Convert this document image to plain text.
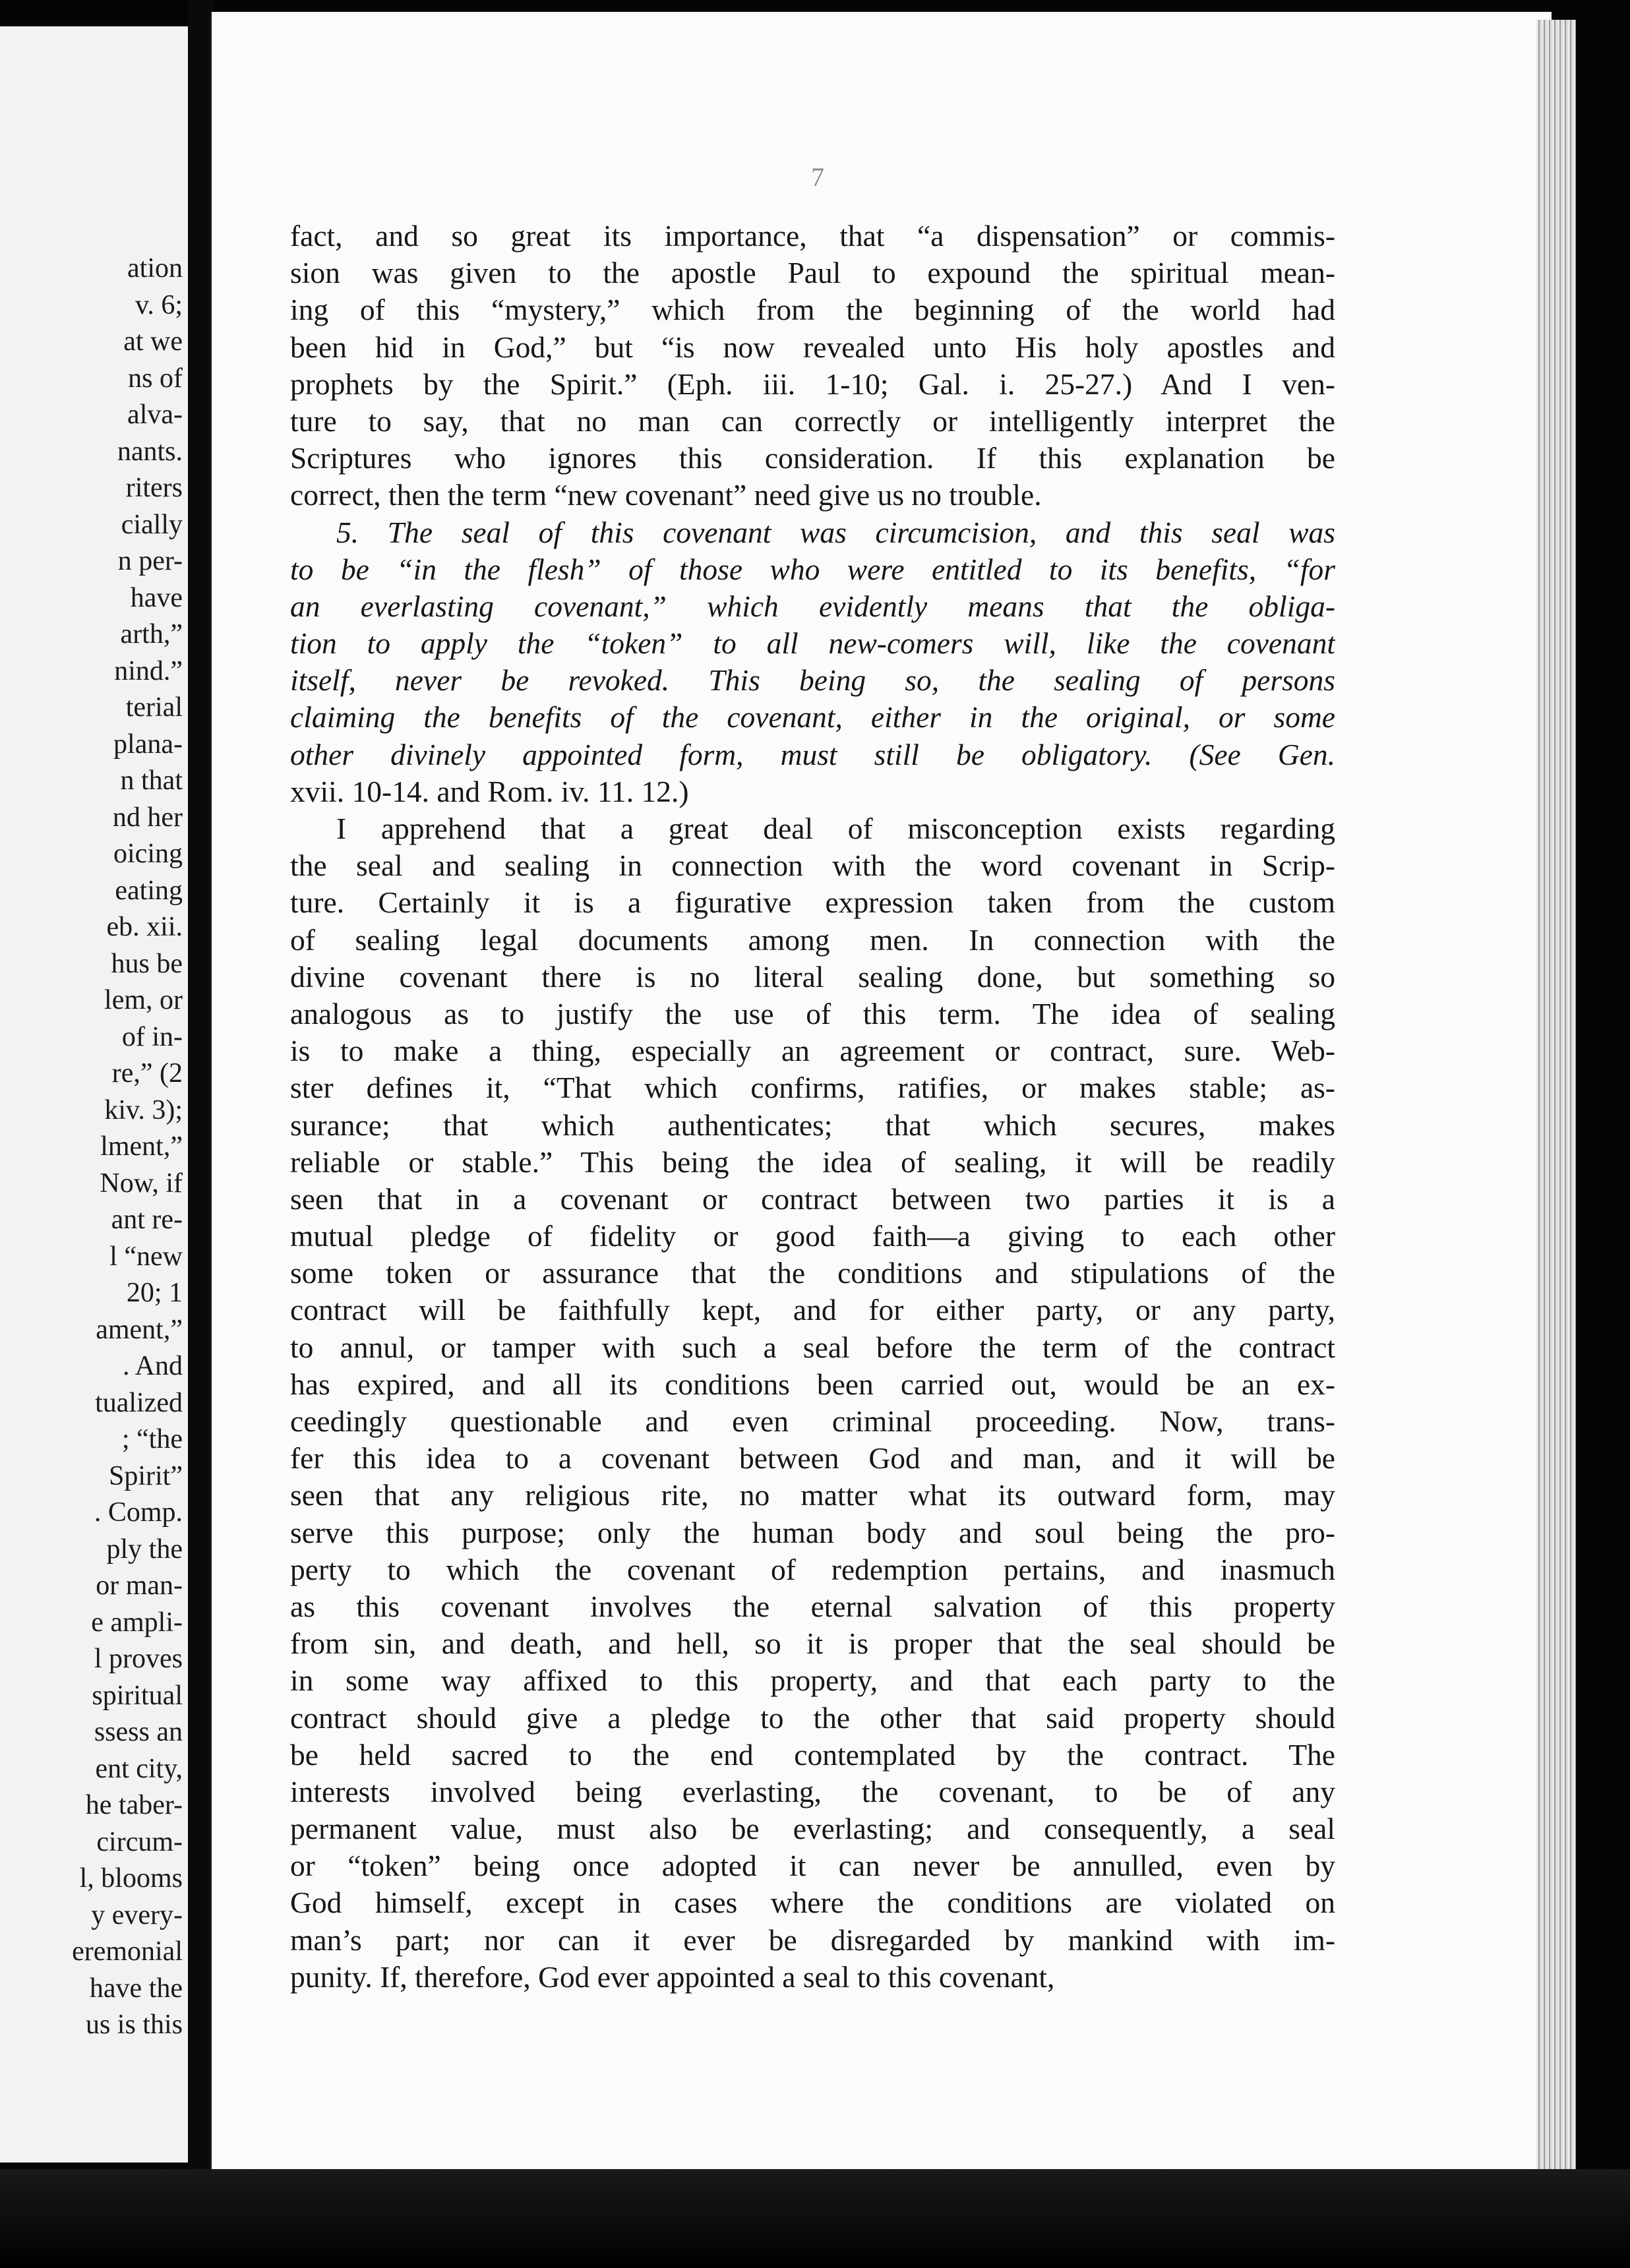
ation
v. 6;
at we
ns of
alva-
nants.
riters
cially
n per-
have
arth,”
nind.”
terial
plana-
n that
nd her
oicing
eating
eb. xii.
hus be
lem, or
of in-
re,” (2
kiv. 3);
lment,”
Now, if
ant re-
l “new
20; 1
ament,”
. And
tualized
; “the
Spirit”
. Comp.
ply the
or man-
e ampli-
l proves
spiritual
ssess an
ent city,
he taber-
circum-
l, blooms
y every-
eremonial
have the
us is this
7
fact, and so great its importance, that “a dispensation” or commis-
sion was given to the apostle Paul to expound the spiritual mean-
ing of this “mystery,” which from the beginning of the world had
been hid in God,” but “is now revealed unto His holy apostles and
prophets by the Spirit.” (Eph. iii. 1-10; Gal. i. 25-27.) And I ven-
ture to say, that no man can correctly or intelligently interpret the
Scriptures who ignores this consideration. If this explanation be
correct, then the term “new covenant” need give us no trouble.
5. The seal of this covenant was circumcision, and this seal was
to be “in the flesh” of those who were entitled to its benefits, “for
an everlasting covenant,” which evidently means that the obliga-
tion to apply the “token” to all new-comers will, like the covenant
itself, never be revoked. This being so, the sealing of persons
claiming the benefits of the covenant, either in the original, or some
other divinely appointed form, must still be obligatory. (See Gen.
xvii. 10-14. and Rom. iv. 11. 12.)
I apprehend that a great deal of misconception exists regarding
the seal and sealing in connection with the word covenant in Scrip-
ture. Certainly it is a figurative expression taken from the custom
of sealing legal documents among men. In connection with the
divine covenant there is no literal sealing done, but something so
analogous as to justify the use of this term. The idea of sealing
is to make a thing, especially an agreement or contract, sure. Web-
ster defines it, “That which confirms, ratifies, or makes stable; as-
surance; that which authenticates; that which secures, makes
reliable or stable.” This being the idea of sealing, it will be readily
seen that in a covenant or contract between two parties it is a
mutual pledge of fidelity or good faith—a giving to each other
some token or assurance that the conditions and stipulations of the
contract will be faithfully kept, and for either party, or any party,
to annul, or tamper with such a seal before the term of the contract
has expired, and all its conditions been carried out, would be an ex-
ceedingly questionable and even criminal proceeding. Now, trans-
fer this idea to a covenant between God and man, and it will be
seen that any religious rite, no matter what its outward form, may
serve this purpose; only the human body and soul being the pro-
perty to which the covenant of redemption pertains, and inasmuch
as this covenant involves the eternal salvation of this property
from sin, and death, and hell, so it is proper that the seal should be
in some way affixed to this property, and that each party to the
contract should give a pledge to the other that said property should
be held sacred to the end contemplated by the contract. The
interests involved being everlasting, the covenant, to be of any
permanent value, must also be everlasting; and consequently, a seal
or “token” being once adopted it can never be annulled, even by
God himself, except in cases where the conditions are violated on
man’s part; nor can it ever be disregarded by mankind with im-
punity. If, therefore, God ever appointed a seal to this covenant,
